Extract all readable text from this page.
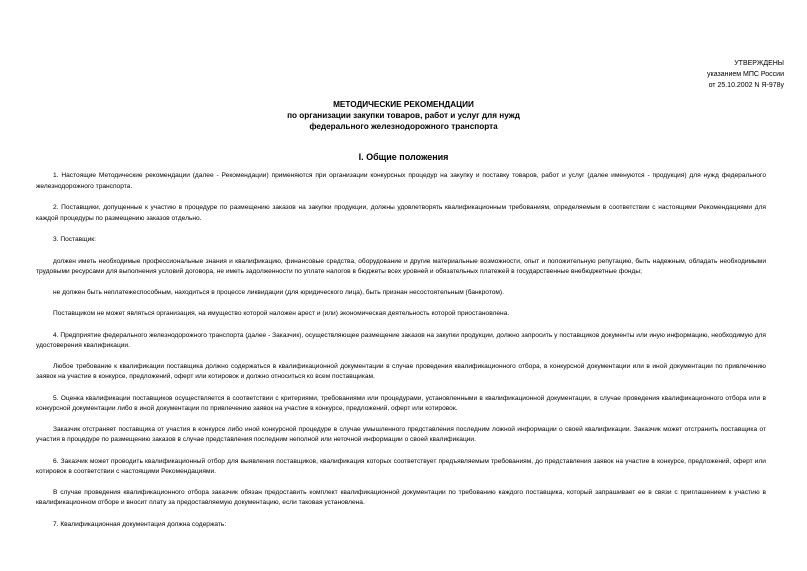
УТВЕРЖДЕНЫ
указанием МПС России
от 25.10.2002 N Я-978у
МЕТОДИЧЕСКИЕ РЕКОМЕНДАЦИИ
по организации закупки товаров, работ и услуг для нужд
федерального железнодорожного транспорта
I. Общие положения

1. Настоящие Методические рекомендации (далее - Рекомендации) применяются при организации конкурсных процедур на закупку и поставку товаров, работ и услуг (далее именуются - продукция) для нужд федерального железнодорожного транспорта.

2. Поставщики, допущенные к участию в процедуре по размещению заказов на закупки продукции, должны удовлетворять квалификационным требованиям, определяемым в соответствии с настоящими Рекомендациями для каждой процедуры по размещению заказов отдельно.

3. Поставщик:

должен иметь необходимые профессиональные знания и квалификацию, финансовые средства, оборудование и другие материальные возможности, опыт и положительную репутацию, быть надежным, обладать необходимыми трудовыми ресурсами для выполнения условий договора, не иметь задолженности по уплате налогов в бюджеты всех уровней и обязательных платежей в государственные внебюджетные фонды;

не должен быть неплатежеспособным, находиться в процессе ликвидации (для юридического лица), быть признан несостоятельным (банкротом).

Поставщиком не может являться организация, на имущество которой наложен арест и (или) экономическая деятельность которой приостановлена.

4. Предприятие федерального железнодорожного транспорта (далее - Заказчик), осуществляющее размещение заказов на закупки продукции, должно запросить у поставщиков документы или иную информацию, необходимую для удостоверения квалификации.

Любое требование к квалификации поставщика должно содержаться в квалификационной документации в случае проведения квалификационного отбора, в конкурсной документации или в иной документации по привлечению заявок на участие в конкурсе, предложений, оферт или котировок и должно относиться ко всем поставщикам.

5. Оценка квалификации поставщиков осуществляется в соответствии с критериями, требованиями или процедурами, установленными в квалификационной документации, в случае проведения квалификационного отбора или в конкурсной документации либо в иной документации по привлечению заявок на участие в конкурсе, предложений, оферт или котировок.

Заказчик отстраняет поставщика от участия в конкурсе либо иной конкурсной процедуре в случае умышленного представления последним ложной информации о своей квалификации. Заказчик может отстранить поставщика от участия в процедуре по размещению заказов в случае представления последним неполной или неточной информации о своей квалификации.

6. Заказчик может проводить квалификационный отбор для выявления поставщиков, квалификация которых соответствует предъявляемым требованиям, до представления заявок на участие в конкурсе, предложений, оферт или котировок в соответствии с настоящими Рекомендациями.

В случае проведения квалификационного отбора заказчик обязан предоставить комплект квалификационной документации по требованию каждого поставщика, который запрашивает ее в связи с приглашением к участию в квалификационном отборе и вносит плату за предоставляемую документацию, если таковая установлена.

7. Квалификационная документация должна содержать:
